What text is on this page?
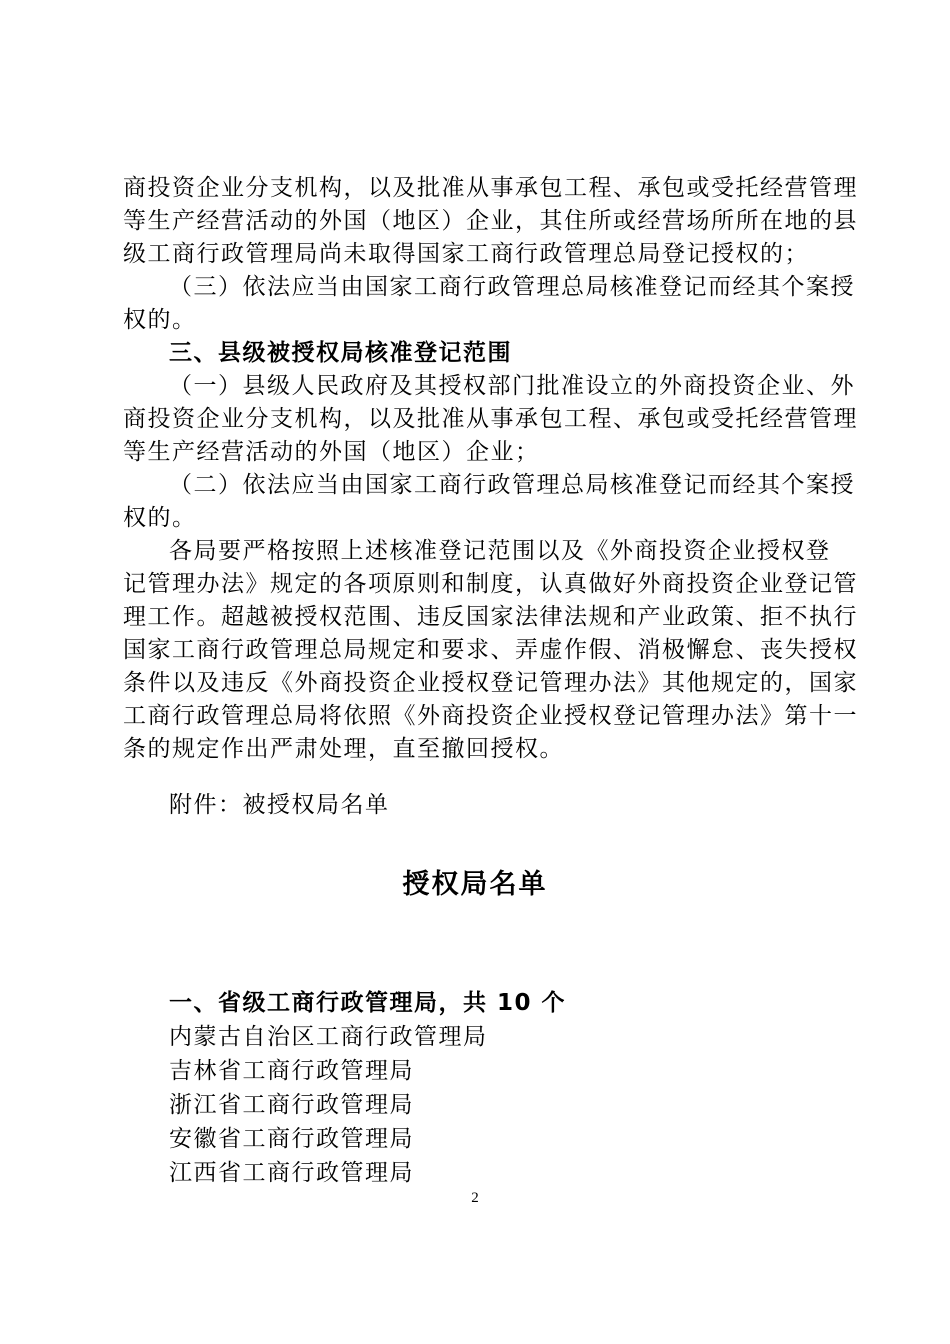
商投资企业分支机构，以及批准从事承包工程、承包或受托经营管理
等生产经营活动的外国（地区）企业，其住所或经营场所所在地的县
级工商行政管理局尚未取得国家工商行政管理总局登记授权的；
（三）依法应当由国家工商行政管理总局核准登记而经其个案授
权的。
三、县级被授权局核准登记范围
（一）县级人民政府及其授权部门批准设立的外商投资企业、外
商投资企业分支机构，以及批准从事承包工程、承包或受托经营管理
等生产经营活动的外国（地区）企业；
（二）依法应当由国家工商行政管理总局核准登记而经其个案授
权的。
各局要严格按照上述核准登记范围以及《外商投资企业授权登
记管理办法》规定的各项原则和制度，认真做好外商投资企业登记管
理工作。超越被授权范围、违反国家法律法规和产业政策、拒不执行
国家工商行政管理总局规定和要求、弄虚作假、消极懈怠、丧失授权
条件以及违反《外商投资企业授权登记管理办法》其他规定的，国家
工商行政管理总局将依照《外商投资企业授权登记管理办法》第十一
条的规定作出严肃处理，直至撤回授权。
附件：被授权局名单
授权局名单
一、省级工商行政管理局，共 10 个
内蒙古自治区工商行政管理局
吉林省工商行政管理局
浙江省工商行政管理局
安徽省工商行政管理局
江西省工商行政管理局
2
